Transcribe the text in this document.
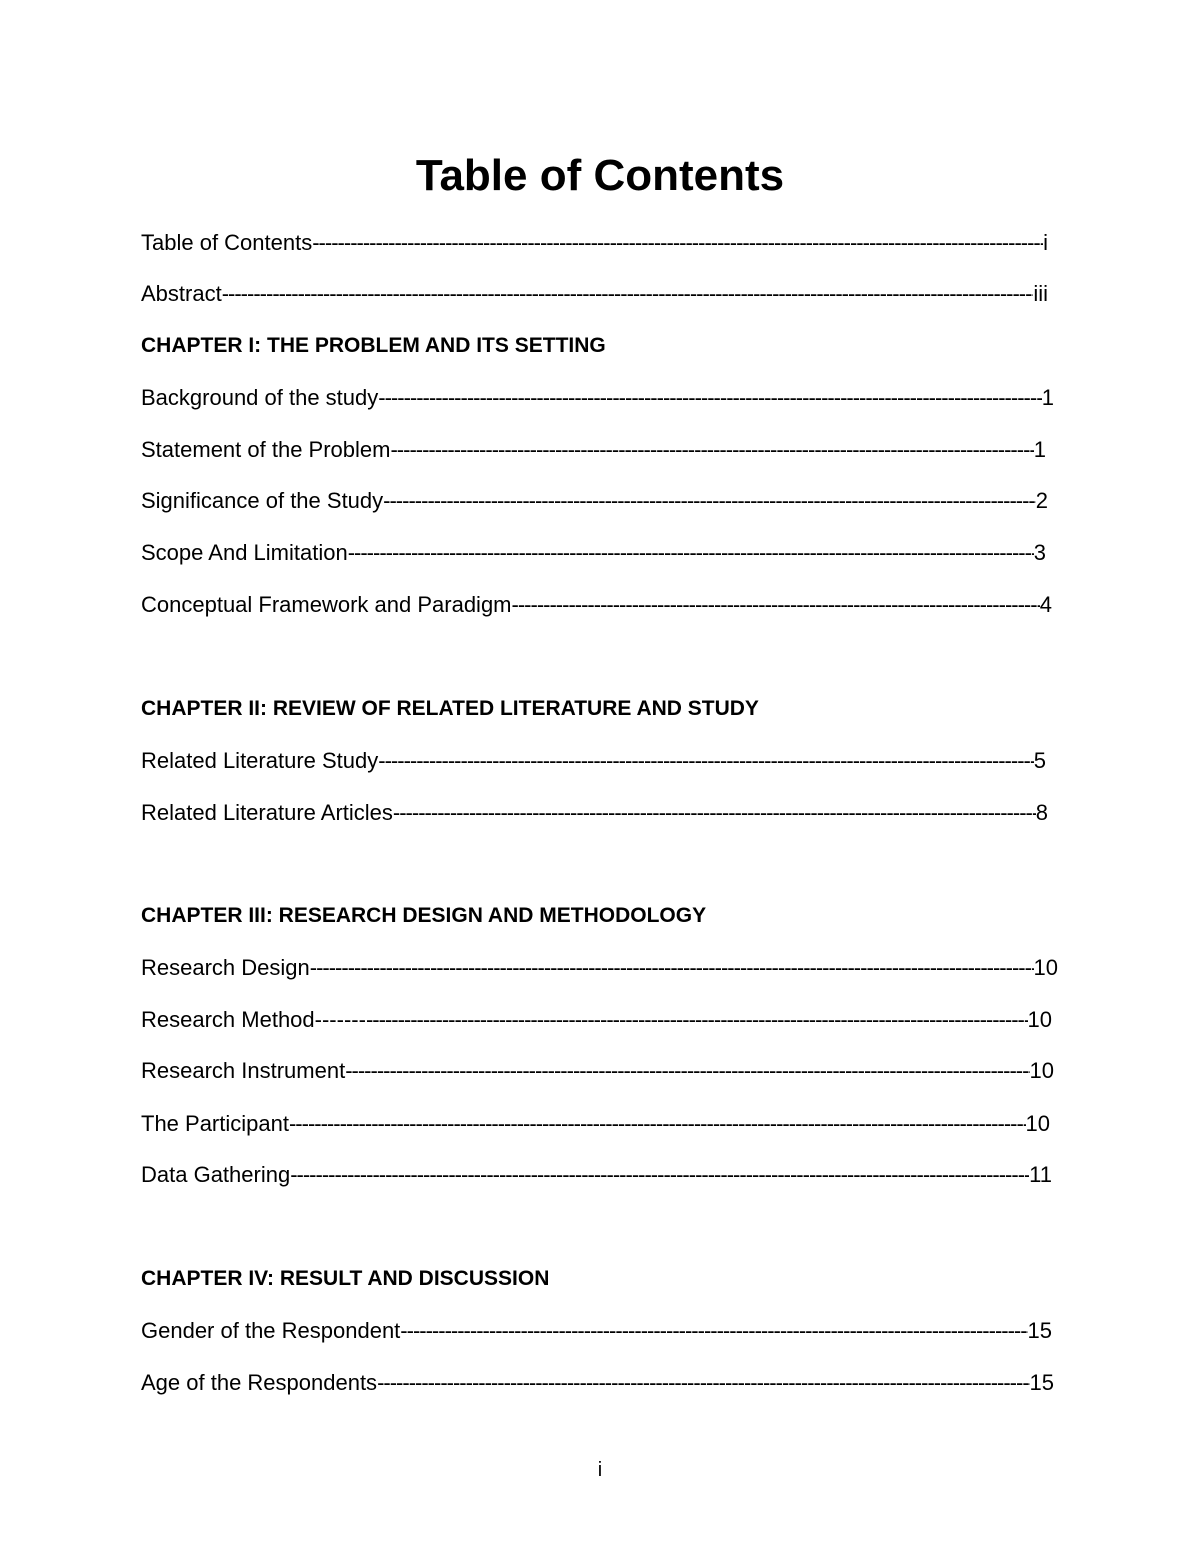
Table of Contents
Table of Contents -----	i
Abstract -----	iii
CHAPTER I: THE PROBLEM AND ITS SETTING
Background of the study -----	1
Statement of the Problem -----	1
Significance of the Study -----	2
Scope And Limitation -----	3
Conceptual Framework and Paradigm -----	4
CHAPTER II: REVIEW OF RELATED LITERATURE AND STUDY
Related Literature Study -----	5
Related Literature Articles -----	8
CHAPTER III: RESEARCH DESIGN AND METHODOLOGY
Research Design -----	10
Research Method------- -----	10
Research Instrument -----	10
The Participant -----	10
Data Gathering -----	11
CHAPTER IV: RESULT AND DISCUSSION
Gender of the Respondent -----	15
Age of the Respondents -----	15
i
